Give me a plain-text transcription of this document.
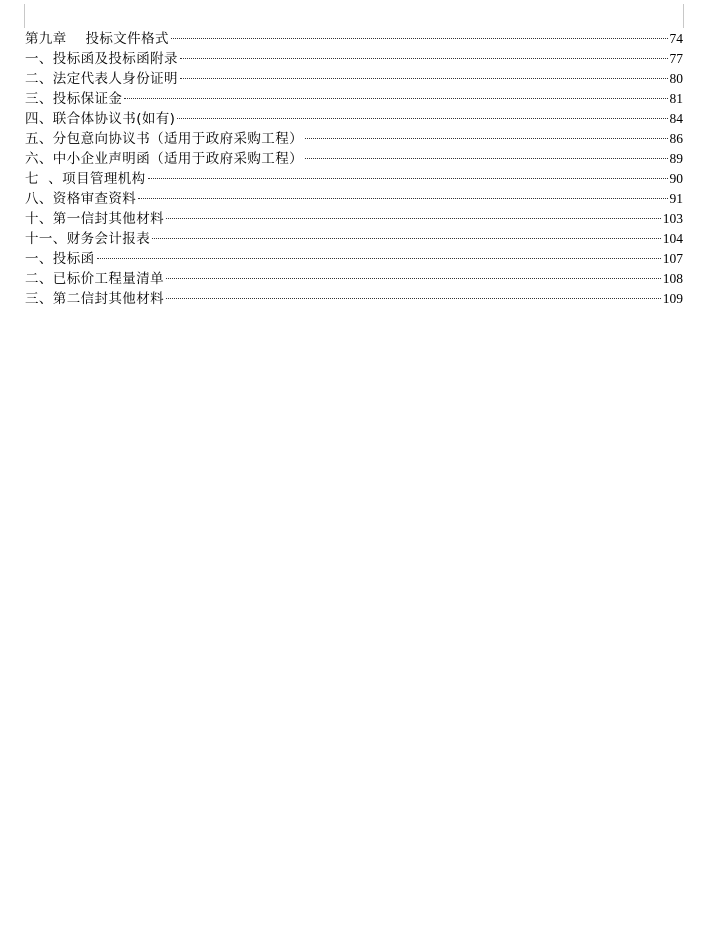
第九章    投标文件格式	74
一、投标函及投标函附录	77
二、法定代表人身份证明	80
三、投标保证金	81
四、联合体协议书(如有)	84
五、分包意向协议书（适用于政府采购工程）	86
六、中小企业声明函（适用于政府采购工程）	89
七  、项目管理机构	90
八、资格审查资料	91
十、第一信封其他材料	103
十一、财务会计报表	104
一、投标函	107
二、已标价工程量清单	108
三、第二信封其他材料	109
